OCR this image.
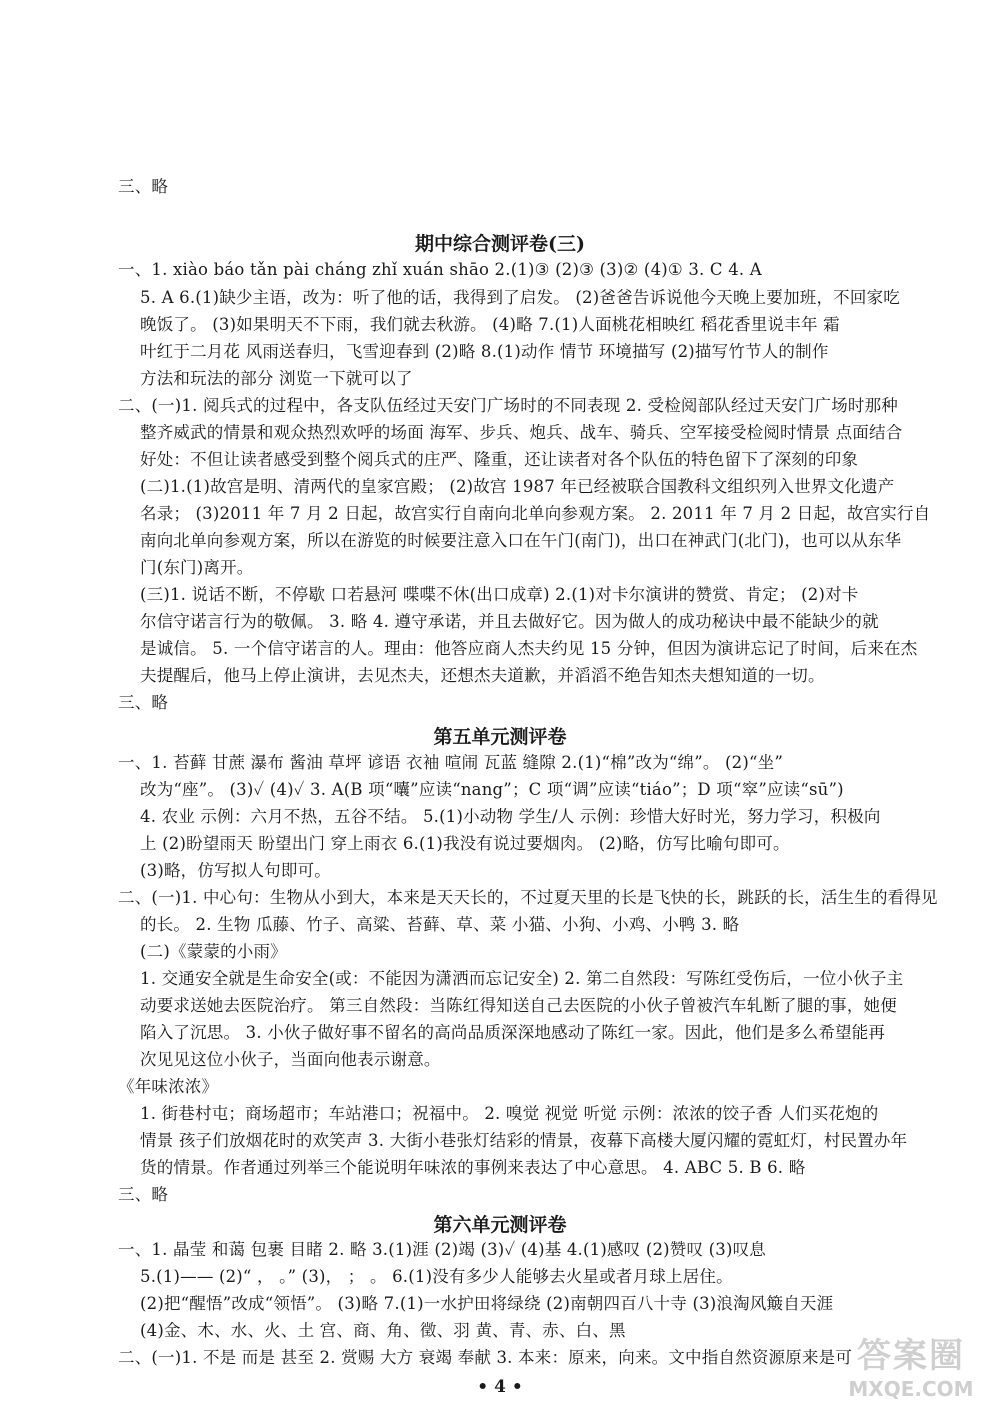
三、略
期中综合测评卷(三)
一、1. xiào báo tǎn pài cháng zhǐ xuán shāo 2.(1)③ (2)③ (3)② (4)① 3. C 4. A
5. A 6.(1)缺少主语，改为：听了他的话，我得到了启发。 (2)爸爸告诉说他今天晚上要加班，不回家吃
晚饭了。 (3)如果明天不下雨，我们就去秋游。 (4)略 7.(1)人面桃花相映红 稻花香里说丰年 霜
叶红于二月花 风雨送春归，飞雪迎春到 (2)略 8.(1)动作 情节 环境描写 (2)描写竹节人的制作
方法和玩法的部分 浏览一下就可以了
二、(一)1. 阅兵式的过程中，各支队伍经过天安门广场时的不同表现 2. 受检阅部队经过天安门广场时那种
整齐威武的情景和观众热烈欢呼的场面 海军、步兵、炮兵、战车、骑兵、空军接受检阅时情景 点面结合
好处：不但让读者感受到整个阅兵式的庄严、隆重，还让读者对各个队伍的特色留下了深刻的印象
(二)1.(1)故宫是明、清两代的皇家宫殿； (2)故宫 1987 年已经被联合国教科文组织列入世界文化遗产
名录； (3)2011 年 7 月 2 日起，故宫实行自南向北单向参观方案。 2. 2011 年 7 月 2 日起，故宫实行自
南向北单向参观方案，所以在游览的时候要注意入口在午门(南门)，出口在神武门(北门)，也可以从东华
门(东门)离开。
(三)1. 说话不断，不停歇 口若悬河 喋喋不休(出口成章) 2.(1)对卡尔演讲的赞赏、肯定； (2)对卡
尔信守诺言行为的敬佩。 3. 略 4. 遵守承诺，并且去做好它。因为做人的成功秘诀中最不能缺少的就
是诚信。 5. 一个信守诺言的人。理由：他答应商人杰夫约见 15 分钟，但因为演讲忘记了时间，后来在杰
夫提醒后，他马上停止演讲，去见杰夫，还想杰夫道歉，并滔滔不绝告知杰夫想知道的一切。
三、略
第五单元测评卷
一、1. 苔藓 甘蔗 瀑布 酱油 草坪 谚语 衣袖 喧闹 瓦蓝 缝隙 2.(1)“棉”改为“绵”。 (2)“坐”
改为“座”。 (3)✓ (4)✓ 3. A(B 项“囔”应读“nang”；C 项“调”应读“tiáo”；D 项“窣”应读“sū”)
4. 农业 示例：六月不热，五谷不结。 5.(1)小动物 学生/人 示例：珍惜大好时光，努力学习，积极向
上 (2)盼望雨天 盼望出门 穿上雨衣 6.(1)我没有说过要烟肉。 (2)略，仿写比喻句即可。
(3)略，仿写拟人句即可。
二、(一)1. 中心句：生物从小到大，本来是天天长的，不过夏天里的长是飞快的长，跳跃的长，活生生的看得见
的长。 2. 生物 瓜藤、竹子、高粱、苔藓、草、菜 小猫、小狗、小鸡、小鸭 3. 略
(二)《蒙蒙的小雨》
1. 交通安全就是生命安全(或：不能因为潇洒而忘记安全) 2. 第二自然段：写陈红受伤后，一位小伙子主
动要求送她去医院治疗。 第三自然段：当陈红得知送自己去医院的小伙子曾被汽车轧断了腿的事，她便
陷入了沉思。 3. 小伙子做好事不留名的高尚品质深深地感动了陈红一家。因此，他们是多么希望能再
次见见这位小伙子，当面向他表示谢意。
《年味浓浓》
1. 街巷村屯；商场超市；车站港口；祝福中。 2. 嗅觉 视觉 听觉 示例：浓浓的饺子香 人们买花炮的
情景 孩子们放烟花时的欢笑声 3. 大街小巷张灯结彩的情景，夜幕下高楼大厦闪耀的霓虹灯，村民置办年
货的情景。作者通过列举三个能说明年味浓的事例来表达了中心意思。 4. ABC 5. B 6. 略
三、略
第六单元测评卷
一、1. 晶莹 和蔼 包裹 目睹 2. 略 3.(1)涯 (2)竭 (3)✓ (4)基 4.(1)感叹 (2)赞叹 (3)叹息
5.(1)—— (2)“ ， 。” (3)， ； 。 6.(1)没有多少人能够去火星或者月球上居住。
(2)把“醒悟”改成“领悟”。 (3)略 7.(1)一水护田将绿绕 (2)南朝四百八十寺 (3)浪淘风簸自天涯
(4)金、木、水、火、土 宫、商、角、徵、羽 黄、青、赤、白、黑
二、(一)1. 不是 而是 甚至 2. 赏赐 大方 衰竭 奉献 3. 本来：原来，向来。文中指自然资源原来是可
• 4 •
答案圈
MXQE.COM
